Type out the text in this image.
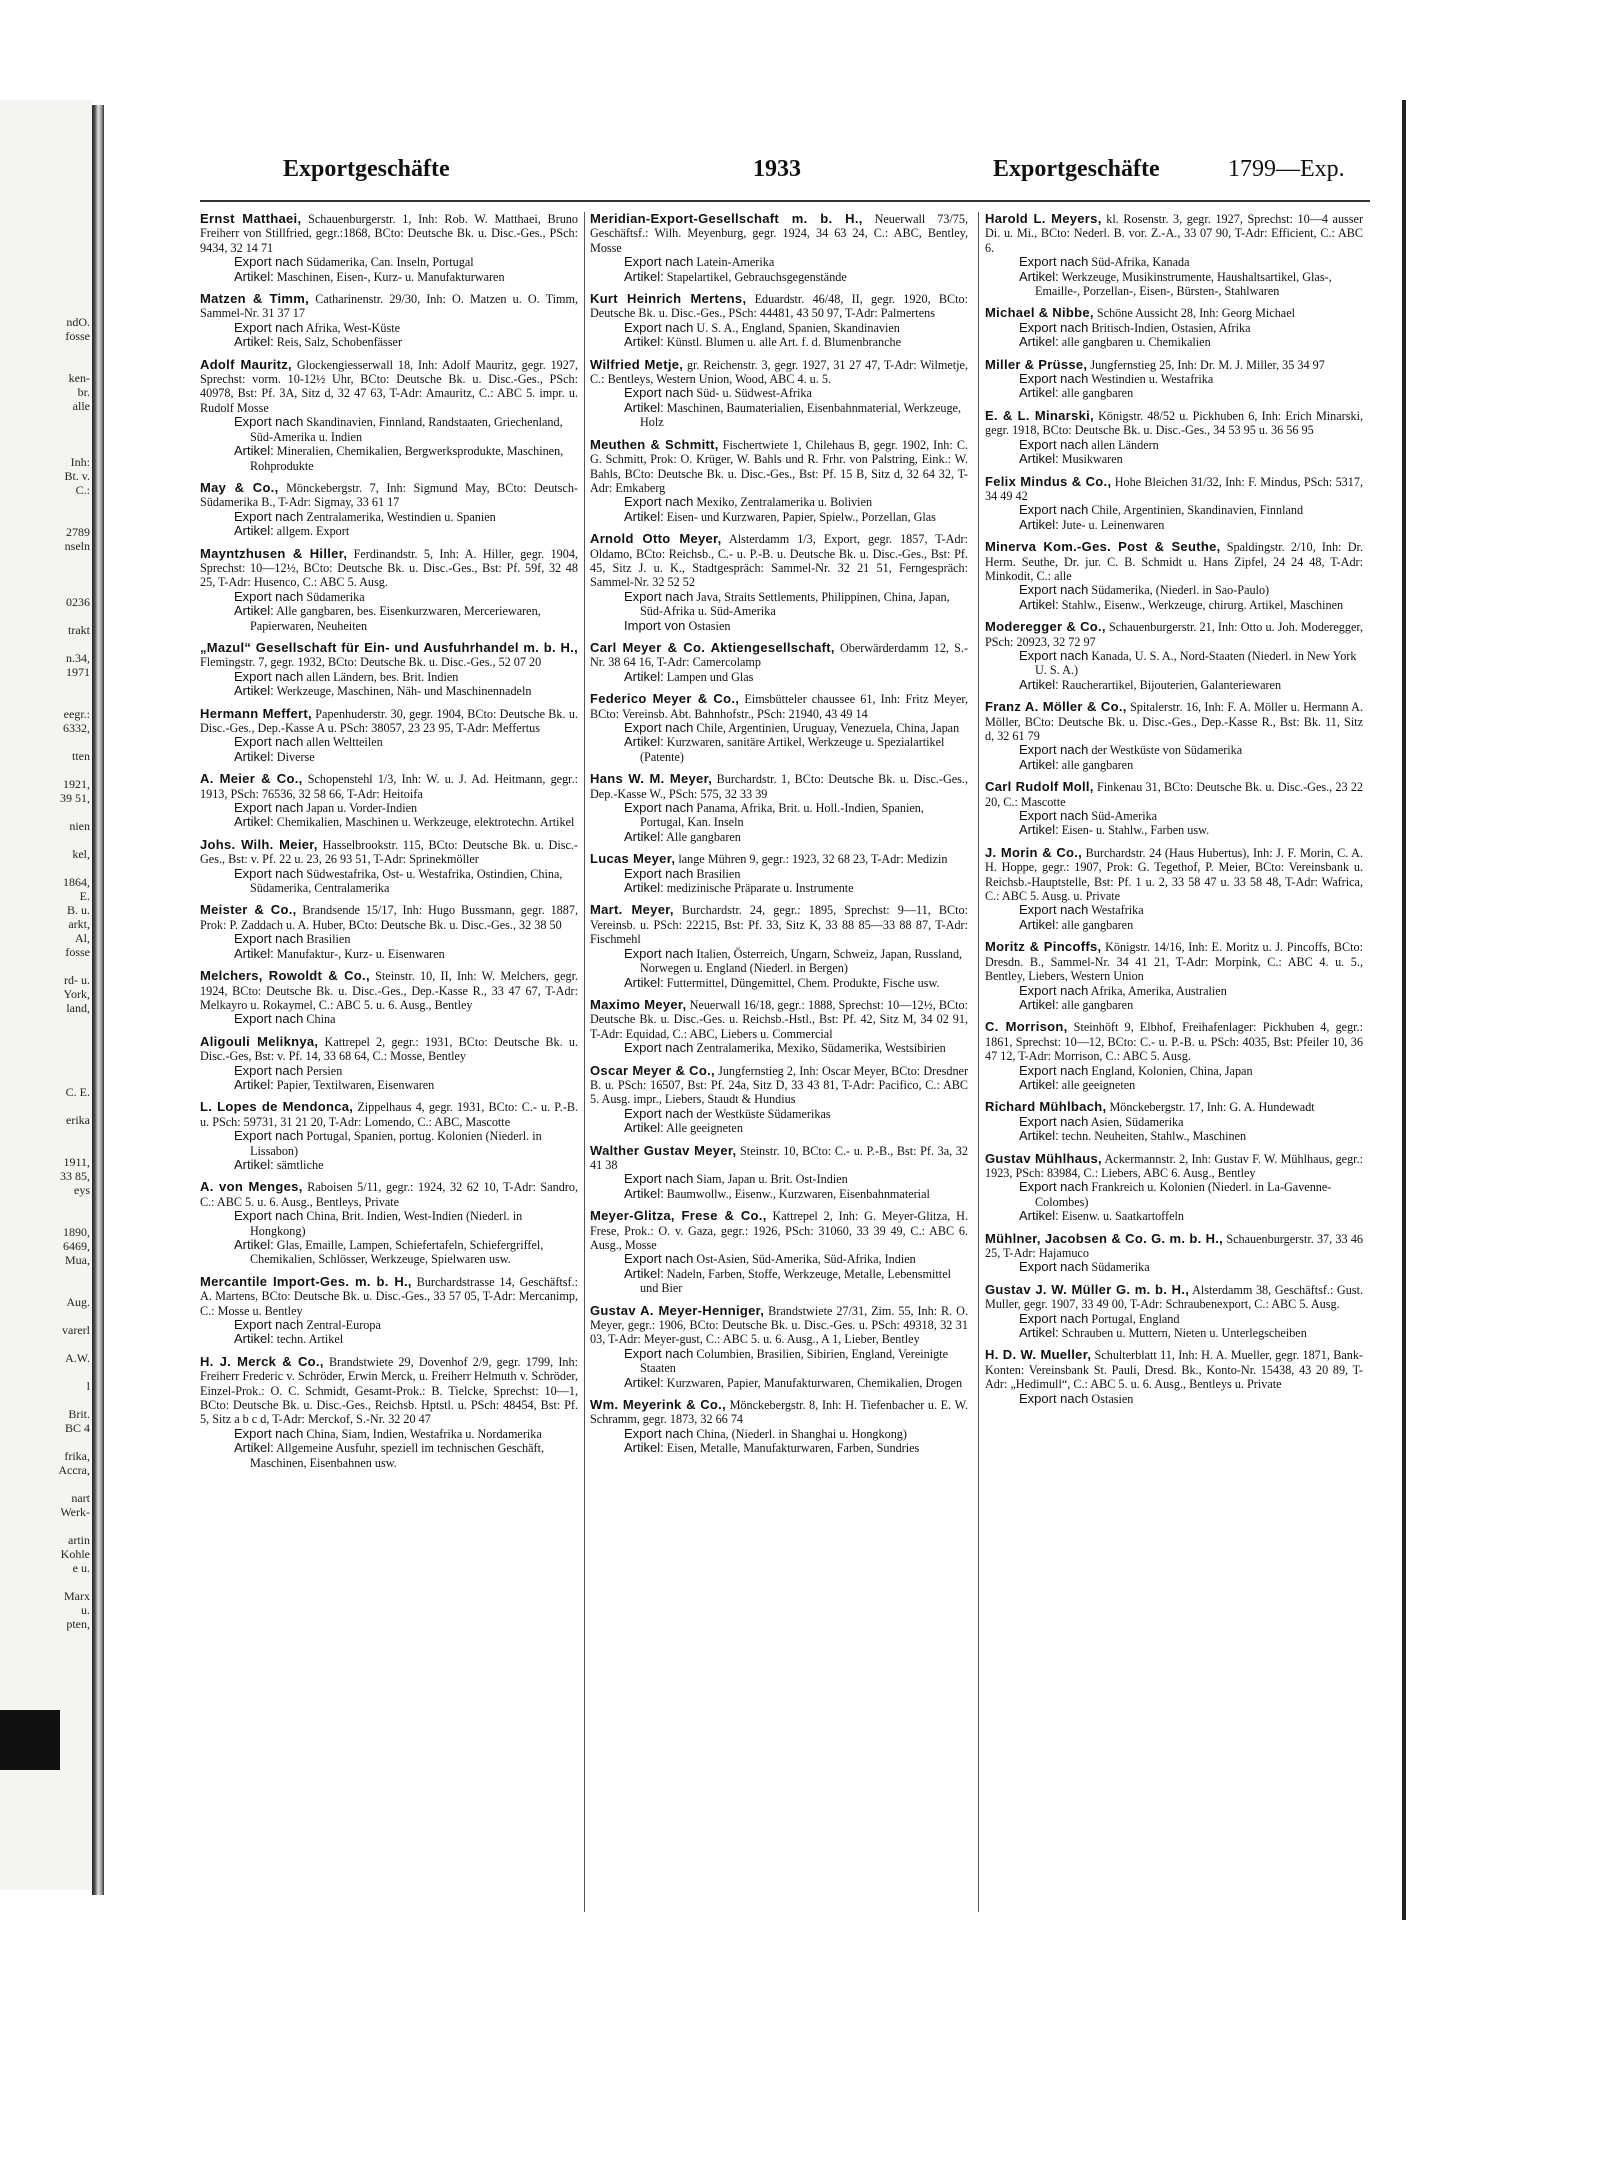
ndO.
fosse

ken-
br.
alle

Inh:
Bt. v.
C.:

2789
nseln

0236

trakt

n.34,
1971

eegr.:
6332,

tten

1921,
39 51,

nien

kel,

1864,
E.
B. u.
arkt,
Al,
fosse

rd- u.
York,
land,

C. E.

erika

1911,
33 85,
eys

1890,
6469,
Mua,

Aug.

varerl

A.W.

l

Brit.
BC 4

frika,
Accra,

nart
Werk-

artin
Kohle
e u.

Marx
u.
pten,
Exportgeschäfte	1933	Exportgeschäfte	1799—Exp.
Ernst Matthaei, Schauenburgerstr. 1, Inh: Rob. W. Matthaei, Bruno Freiherr von Stillfried, gegr.:1868, BCto: Deutsche Bk. u. Disc.-Ges., PSch: 9434, 32 14 71
Export nach Südamerika, Can. Inseln, Portugal
Artikel: Maschinen, Eisen-, Kurz- u. Manufakturwaren
Matzen & Timm, Catharinenstr. 29/30, Inh: O. Matzen u. O. Timm, Sammel-Nr. 31 37 17
Export nach Afrika, West-Küste
Artikel: Reis, Salz, Schobenfässer
Adolf Mauritz, Glockengiesserwall 18, Inh: Adolf Mauritz, gegr. 1927, Sprechst: vorm. 10-12½ Uhr, BCto: Deutsche Bk. u. Disc.-Ges., PSch: 40978, Bst: Pf. 3A, Sitz d, 32 47 63, T-Adr: Amauritz, C.: ABC 5. impr. u. Rudolf Mosse
Export nach Skandinavien, Finnland, Randstaaten, Griechenland, Süd-Amerika u. Indien
Artikel: Mineralien, Chemikalien, Bergwerksprodukte, Maschinen, Rohprodukte
May & Co., Mönckebergstr. 7, Inh: Sigmund May, BCto: Deutsch-Südamerika B., T-Adr: Sigmay, 33 61 17
Export nach Zentralamerika, Westindien u. Spanien
Artikel: allgem. Export
Mayntzhusen & Hiller, Ferdinandstr. 5, Inh: A. Hiller, gegr. 1904, Sprechst: 10—12½, BCto: Deutsche Bk. u. Disc.-Ges., Bst: Pf. 59f, 32 48 25, T-Adr: Husenco, C.: ABC 5. Ausg.
Export nach Südamerika
Artikel: Alle gangbaren, bes. Eisenkurzwaren, Merceriewaren, Papierwaren, Neuheiten
„Mazul“ Gesellschaft für Ein- und Ausfuhrhandel m. b. H., Flemingstr. 7, gegr. 1932, BCto: Deutsche Bk. u. Disc.-Ges., 52 07 20
Export nach allen Ländern, bes. Brit. Indien
Artikel: Werkzeuge, Maschinen, Näh- und Maschinennadeln
Hermann Meffert, Papenhuderstr. 30, gegr. 1904, BCto: Deutsche Bk. u. Disc.-Ges., Dep.-Kasse A u. PSch: 38057, 23 23 95, T-Adr: Meffertus
Export nach allen Weltteilen
Artikel: Diverse
A. Meier & Co., Schopenstehl 1/3, Inh: W. u. J. Ad. Heitmann, gegr.: 1913, PSch: 76536, 32 58 66, T-Adr: Heitoifa
Export nach Japan u. Vorder-Indien
Artikel: Chemikalien, Maschinen u. Werkzeuge, elektrotechn. Artikel
Johs. Wilh. Meier, Hasselbrookstr. 115, BCto: Deutsche Bk. u. Disc.-Ges., Bst: v. Pf. 22 u. 23, 26 93 51, T-Adr: Sprinekmöller
Export nach Südwestafrika, Ost- u. Westafrika, Ostindien, China, Südamerika, Centralamerika
Meister & Co., Brandsende 15/17, Inh: Hugo Bussmann, gegr. 1887, Prok: P. Zaddach u. A. Huber, BCto: Deutsche Bk. u. Disc.-Ges., 32 38 50
Export nach Brasilien
Artikel: Manufaktur-, Kurz- u. Eisenwaren
Melchers, Rowoldt & Co., Steinstr. 10, II, Inh: W. Melchers, gegr. 1924, BCto: Deutsche Bk. u. Disc.-Ges., Dep.-Kasse R., 33 47 67, T-Adr: Melkayro u. Rokaymel, C.: ABC 5. u. 6. Ausg., Bentley
Export nach China
Aligouli Meliknya, Kattrepel 2, gegr.: 1931, BCto: Deutsche Bk. u. Disc.-Ges, Bst: v. Pf. 14, 33 68 64, C.: Mosse, Bentley
Export nach Persien
Artikel: Papier, Textilwaren, Eisenwaren
L. Lopes de Mendonca, Zippelhaus 4, gegr. 1931, BCto: C.- u. P.-B. u. PSch: 59731, 31 21 20, T-Adr: Lomendo, C.: ABC, Mascotte
Export nach Portugal, Spanien, portug. Kolonien (Niederl. in Lissabon)
Artikel: sämtliche
A. von Menges, Raboisen 5/11, gegr.: 1924, 32 62 10, T-Adr: Sandro, C.: ABC 5. u. 6. Ausg., Bentleys, Private
Export nach China, Brit. Indien, West-Indien (Niederl. in Hongkong)
Artikel: Glas, Emaille, Lampen, Schiefertafeln, Schiefergriffel, Chemikalien, Schlösser, Werkzeuge, Spielwaren usw.
Mercantile Import-Ges. m. b. H., Burchardstrasse 14, Geschäftsf.: A. Martens, BCto: Deutsche Bk. u. Disc.-Ges., 33 57 05, T-Adr: Mercanimp, C.: Mosse u. Bentley
Export nach Zentral-Europa
Artikel: techn. Artikel
H. J. Merck & Co., Brandstwiete 29, Dovenhof 2/9, gegr. 1799, Inh: Freiherr Frederic v. Schröder, Erwin Merck, u. Freiherr Helmuth v. Schröder, Einzel-Prok.: O. C. Schmidt, Gesamt-Prok.: B. Tielcke, Sprechst: 10—1, BCto: Deutsche Bk. u. Disc.-Ges., Reichsb. Hptstl. u. PSch: 48454, Bst: Pf. 5, Sitz a b c d, T-Adr: Merckof, S.-Nr. 32 20 47
Export nach China, Siam, Indien, Westafrika u. Nordamerika
Artikel: Allgemeine Ausfuhr, speziell im technischen Geschäft, Maschinen, Eisenbahnen usw.
Meridian-Export-Gesellschaft m. b. H., Neuerwall 73/75, Geschäftsf.: Wilh. Meyenburg, gegr. 1924, 34 63 24, C.: ABC, Bentley, Mosse
Export nach Latein-Amerika
Artikel: Stapelartikel, Gebrauchsgegenstände
Kurt Heinrich Mertens, Eduardstr. 46/48, II, gegr. 1920, BCto: Deutsche Bk. u. Disc.-Ges., PSch: 44481, 43 50 97, T-Adr: Palmertens
Export nach U. S. A., England, Spanien, Skandinavien
Artikel: Künstl. Blumen u. alle Art. f. d. Blumenbranche
Wilfried Metje, gr. Reichenstr. 3, gegr. 1927, 31 27 47, T-Adr: Wilmetje, C.: Bentleys, Western Union, Wood, ABC 4. u. 5.
Export nach Süd- u. Südwest-Afrika
Artikel: Maschinen, Baumaterialien, Eisenbahnmaterial, Werkzeuge, Holz
Meuthen & Schmitt, Fischertwiete 1, Chilehaus B, gegr. 1902, Inh: C. G. Schmitt, Prok: O. Krüger, W. Bahls und R. Frhr. von Palstring, Eink.: W. Bahls, BCto: Deutsche Bk. u. Disc.-Ges., Bst: Pf. 15 B, Sitz d, 32 64 32, T-Adr: Emkaberg
Export nach Mexiko, Zentralamerika u. Bolivien
Artikel: Eisen- und Kurzwaren, Papier, Spielw., Porzellan, Glas
Arnold Otto Meyer, Alsterdamm 1/3, Export, gegr. 1857, T-Adr: Oldamo, BCto: Reichsb., C.- u. P.-B. u. Deutsche Bk. u. Disc.-Ges., Bst: Pf. 45, Sitz J. u. K., Stadtgespräch: Sammel-Nr. 32 21 51, Ferngespräch: Sammel-Nr. 32 52 52
Export nach Java, Straits Settlements, Philippinen, China, Japan, Süd-Afrika u. Süd-Amerika
Import von Ostasien
Carl Meyer & Co. Aktiengesellschaft, Oberwärderdamm 12, S.-Nr. 38 64 16, T-Adr: Camercolamp
Artikel: Lampen und Glas
Federico Meyer & Co., Eimsbütteler chaussee 61, Inh: Fritz Meyer, BCto: Vereinsb. Abt. Bahnhofstr., PSch: 21940, 43 49 14
Export nach Chile, Argentinien, Uruguay, Venezuela, China, Japan
Artikel: Kurzwaren, sanitäre Artikel, Werkzeuge u. Spezialartikel (Patente)
Hans W. M. Meyer, Burchardstr. 1, BCto: Deutsche Bk. u. Disc.-Ges., Dep.-Kasse W., PSch: 575, 32 33 39
Export nach Panama, Afrika, Brit. u. Holl.-Indien, Spanien, Portugal, Kan. Inseln
Artikel: Alle gangbaren
Lucas Meyer, lange Mühren 9, gegr.: 1923, 32 68 23, T-Adr: Medizin
Export nach Brasilien
Artikel: medizinische Präparate u. Instrumente
Mart. Meyer, Burchardstr. 24, gegr.: 1895, Sprechst: 9—11, BCto: Vereinsb. u. PSch: 22215, Bst: Pf. 33, Sitz K, 33 88 85—33 88 87, T-Adr: Fischmehl
Export nach Italien, Österreich, Ungarn, Schweiz, Japan, Russland, Norwegen u. England (Niederl. in Bergen)
Artikel: Futtermittel, Düngemittel, Chem. Produkte, Fische usw.
Maximo Meyer, Neuerwall 16/18, gegr.: 1888, Sprechst: 10—12½, BCto: Deutsche Bk. u. Disc.-Ges. u. Reichsb.-Hstl., Bst: Pf. 42, Sitz M, 34 02 91, T-Adr: Equidad, C.: ABC, Liebers u. Commercial
Export nach Zentralamerika, Mexiko, Südamerika, Westsibirien
Oscar Meyer & Co., Jungfernstieg 2, Inh: Oscar Meyer, BCto: Dresdner B. u. PSch: 16507, Bst: Pf. 24a, Sitz D, 33 43 81, T-Adr: Pacifico, C.: ABC 5. Ausg. impr., Liebers, Staudt & Hundius
Export nach der Westküste Südamerikas
Artikel: Alle geeigneten
Walther Gustav Meyer, Steinstr. 10, BCto: C.- u. P.-B., Bst: Pf. 3a, 32 41 38
Export nach Siam, Japan u. Brit. Ost-Indien
Artikel: Baumwollw., Eisenw., Kurzwaren, Eisenbahnmaterial
Meyer-Glitza, Frese & Co., Kattrepel 2, Inh: G. Meyer-Glitza, H. Frese, Prok.: O. v. Gaza, gegr.: 1926, PSch: 31060, 33 39 49, C.: ABC 6. Ausg., Mosse
Export nach Ost-Asien, Süd-Amerika, Süd-Afrika, Indien
Artikel: Nadeln, Farben, Stoffe, Werkzeuge, Metalle, Lebensmittel und Bier
Gustav A. Meyer-Henniger, Brandstwiete 27/31, Zim. 55, Inh: R. O. Meyer, gegr.: 1906, BCto: Deutsche Bk. u. Disc.-Ges. u. PSch: 49318, 32 31 03, T-Adr: Meyer-gust, C.: ABC 5. u. 6. Ausg., A 1, Lieber, Bentley
Export nach Columbien, Brasilien, Sibirien, England, Vereinigte Staaten
Artikel: Kurzwaren, Papier, Manufakturwaren, Chemikalien, Drogen
Wm. Meyerink & Co., Mönckebergstr. 8, Inh: H. Tiefenbacher u. E. W. Schramm, gegr. 1873, 32 66 74
Export nach China, (Niederl. in Shanghai u. Hongkong)
Artikel: Eisen, Metalle, Manufakturwaren, Farben, Sundries
Harold L. Meyers, kl. Rosenstr. 3, gegr. 1927, Sprechst: 10—4 ausser Di. u. Mi., BCto: Nederl. B. vor. Z.-A., 33 07 90, T-Adr: Efficient, C.: ABC 6.
Export nach Süd-Afrika, Kanada
Artikel: Werkzeuge, Musikinstrumente, Haushaltsartikel, Glas-, Emaille-, Porzellan-, Eisen-, Bürsten-, Stahlwaren
Michael & Nibbe, Schöne Aussicht 28, Inh: Georg Michael
Export nach Britisch-Indien, Ostasien, Afrika
Artikel: alle gangbaren u. Chemikalien
Miller & Prüsse, Jungfernstieg 25, Inh: Dr. M. J. Miller, 35 34 97
Export nach Westindien u. Westafrika
Artikel: alle gangbaren
E. & L. Minarski, Königstr. 48/52 u. Pickhuben 6, Inh: Erich Minarski, gegr. 1918, BCto: Deutsche Bk. u. Disc.-Ges., 34 53 95 u. 36 56 95
Export nach allen Ländern
Artikel: Musikwaren
Felix Mindus & Co., Hohe Bleichen 31/32, Inh: F. Mindus, PSch: 5317, 34 49 42
Export nach Chile, Argentinien, Skandinavien, Finnland
Artikel: Jute- u. Leinenwaren
Minerva Kom.-Ges. Post & Seuthe, Spaldingstr. 2/10, Inh: Dr. Herm. Seuthe, Dr. jur. C. B. Schmidt u. Hans Zipfel, 24 24 48, T-Adr: Minkodit, C.: alle
Export nach Südamerika, (Niederl. in Sao-Paulo)
Artikel: Stahlw., Eisenw., Werkzeuge, chirurg. Artikel, Maschinen
Moderegger & Co., Schauenburgerstr. 21, Inh: Otto u. Joh. Moderegger, PSch: 20923, 32 72 97
Export nach Kanada, U. S. A., Nord-Staaten (Niederl. in New York U. S. A.)
Artikel: Raucherartikel, Bijouterien, Galanteriewaren
Franz A. Möller & Co., Spitalerstr. 16, Inh: F. A. Möller u. Hermann A. Möller, BCto: Deutsche Bk. u. Disc.-Ges., Dep.-Kasse R., Bst: Bk. 11, Sitz d, 32 61 79
Export nach der Westküste von Südamerika
Artikel: alle gangbaren
Carl Rudolf Moll, Finkenau 31, BCto: Deutsche Bk. u. Disc.-Ges., 23 22 20, C.: Mascotte
Export nach Süd-Amerika
Artikel: Eisen- u. Stahlw., Farben usw.
J. Morin & Co., Burchardstr. 24 (Haus Hubertus), Inh: J. F. Morin, C. A. H. Hoppe, gegr.: 1907, Prok: G. Tegethof, P. Meier, BCto: Vereinsbank u. Reichsb.-Hauptstelle, Bst: Pf. 1 u. 2, 33 58 47 u. 33 58 48, T-Adr: Wafrica, C.: ABC 5. Ausg. u. Private
Export nach Westafrika
Artikel: alle gangbaren
Moritz & Pincoffs, Königstr. 14/16, Inh: E. Moritz u. J. Pincoffs, BCto: Dresdn. B., Sammel-Nr. 34 41 21, T-Adr: Morpink, C.: ABC 4. u. 5., Bentley, Liebers, Western Union
Export nach Afrika, Amerika, Australien
Artikel: alle gangbaren
C. Morrison, Steinhöft 9, Elbhof, Freihafenlager: Pickhuben 4, gegr.: 1861, Sprechst: 10—12, BCto: C.- u. P.-B. u. PSch: 4035, Bst: Pfeiler 10, 36 47 12, T-Adr: Morrison, C.: ABC 5. Ausg.
Export nach England, Kolonien, China, Japan
Artikel: alle geeigneten
Richard Mühlbach, Mönckebergstr. 17, Inh: G. A. Hundewadt
Export nach Asien, Südamerika
Artikel: techn. Neuheiten, Stahlw., Maschinen
Gustav Mühlhaus, Ackermannstr. 2, Inh: Gustav F. W. Mühlhaus, gegr.: 1923, PSch: 83984, C.: Liebers, ABC 6. Ausg., Bentley
Export nach Frankreich u. Kolonien (Niederl. in La-Gavenne-Colombes)
Artikel: Eisenw. u. Saatkartoffeln
Mühlner, Jacobsen & Co. G. m. b. H., Schauenburgerstr. 37, 33 46 25, T-Adr: Hajamuco
Export nach Südamerika
Gustav J. W. Müller G. m. b. H., Alsterdamm 38, Geschäftsf.: Gust. Muller, gegr. 1907, 33 49 00, T-Adr: Schraubenexport, C.: ABC 5. Ausg.
Export nach Portugal, England
Artikel: Schrauben u. Muttern, Nieten u. Unterlegscheiben
H. D. W. Mueller, Schulterblatt 11, Inh: H. A. Mueller, gegr. 1871, Bank-Konten: Vereinsbank St. Pauli, Dresd. Bk., Konto-Nr. 15438, 43 20 89, T-Adr: „Hedimull“, C.: ABC 5. u. 6. Ausg., Bentleys u. Private
Export nach Ostasien
